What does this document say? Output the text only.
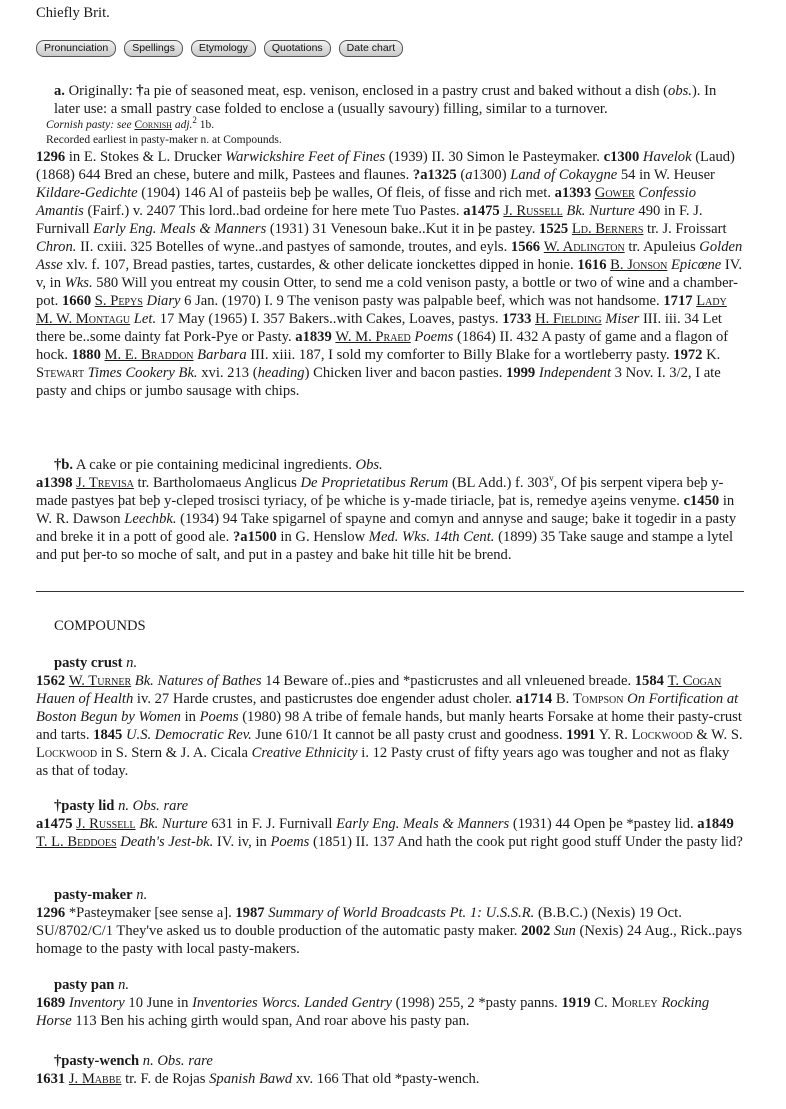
Chiefly Brit.
Pronunciation	Spellings	Etymology	Quotations	Date chart
a. Originally: †a pie of seasoned meat, esp. venison, enclosed in a pastry crust and baked without a dish (obs.). In later use: a small pastry case folded to enclose a (usually savoury) filling, similar to a turnover.
Cornish pasty: see Cornish adj.$^2$ 1b.
Recorded earliest in pasty-maker n. at Compounds.
1296 in E. Stokes & L. Drucker Warwickshire Feet of Fines (1939) II. 30 Simon le Pasteymaker. c1300 Havelok (Laud) (1868) 644 Bred an chese, butere and milk, Pastees and flaunes. ?a1325 (a1300) Land of Cokaygne 54 in W. Heuser Kildare-Gedichte (1904) 146 Al of pasteiis beþ þe walles, Of fleis, of fisse and rich met. a1393 Gower Confessio Amantis (Fairf.) v. 2407 This lord..bad ordeine for here mete Tuo Pastes. a1475 J. Russell Bk. Nurture 490 in F. J. Furnivall Early Eng. Meals & Manners (1931) 31 Venesoun bake..Kut it in þe pastey. 1525 Ld. Berners tr. J. Froissart Chron. II. cxiii. 325 Botelles of wyne..and pastyes of samonde, troutes, and eyls. 1566 W. Adlington tr. Apuleius Golden Asse xlv. f. 107, Bread pasties, tartes, custardes, & other delicate ionckettes dipped in honie. 1616 B. Jonson Epicœne IV. v, in Wks. 580 Will you entreat my cousin Otter, to send me a cold venison pasty, a bottle or two of wine and a chamber-pot. 1660 S. Pepys Diary 6 Jan. (1970) I. 9 The venison pasty was palpable beef, which was not handsome. 1717 Lady M. W. Montagu Let. 17 May (1965) I. 357 Bakers..with Cakes, Loaves, pastys. 1733 H. Fielding Miser III. iii. 34 Let there be..some dainty fat Pork-Pye or Pasty. a1839 W. M. Praed Poems (1864) II. 432 A pasty of game and a flagon of hock. 1880 M. E. Braddon Barbara III. xiii. 187, I sold my comforter to Billy Blake for a wortleberry pasty. 1972 K. Stewart Times Cookery Bk. xvi. 213 (heading) Chicken liver and bacon pasties. 1999 Independent 3 Nov. I. 3/2, I ate pasty and chips or jumbo sausage with chips.
†b. A cake or pie containing medicinal ingredients. Obs.
a1398 J. Trevisa tr. Bartholomaeus Anglicus De Proprietatibus Rerum (BL Add.) f. 303$^v$, Of þis serpent vipera beþ y-made pastyes þat beþ y-cleped trosisci tyriacy, of þe whiche is y-made tiriacle, þat is, remedye aȝeins venyme. c1450 in W. R. Dawson Leechbk. (1934) 94 Take spigarnel of spayne and comyn and annyse and sauge; bake it togedir in a pasty and breke it in a pott of good ale. ?a1500 in G. Henslow Med. Wks. 14th Cent. (1899) 35 Take sauge and stampe a lytel and put þer-to so moche of salt, and put in a pastey and bake hit tille hit be brend.
COMPOUNDS
pasty crust n.
1562 W. Turner Bk. Natures of Bathes 14 Beware of..pies and *pasticrustes and all vnleuened breade. 1584 T. Cogan Hauen of Health iv. 27 Harde crustes, and pasticrustes doe engender adust choler. a1714 B. Tompson On Fortification at Boston Begun by Women in Poems (1980) 98 A tribe of female hands, but manly hearts Forsake at home their pasty-crust and tarts. 1845 U.S. Democratic Rev. June 610/1 It cannot be all pasty crust and goodness. 1991 Y. R. Lockwood & W. S. Lockwood in S. Stern & J. A. Cicala Creative Ethnicity i. 12 Pasty crust of fifty years ago was tougher and not as flaky as that of today.
†pasty lid n. Obs. rare
a1475 J. Russell Bk. Nurture 631 in F. J. Furnivall Early Eng. Meals & Manners (1931) 44 Open þe *pastey lid. a1849 T. L. Beddoes Death's Jest-bk. IV. iv, in Poems (1851) II. 137 And hath the cook put right good stuff Under the pasty lid?
pasty-maker n.
1296 *Pasteymaker [see sense a]. 1987 Summary of World Broadcasts Pt. 1: U.S.S.R. (B.B.C.) (Nexis) 19 Oct. SU/8702/C/1 They've asked us to double production of the automatic pasty maker. 2002 Sun (Nexis) 24 Aug., Rick..pays homage to the pasty with local pasty-makers.
pasty pan n.
1689 Inventory 10 June in Inventories Worcs. Landed Gentry (1998) 255, 2 *pasty panns. 1919 C. Morley Rocking Horse 113 Ben his aching girth would span, And roar above his pasty pan.
†pasty-wench n. Obs. rare
1631 J. Mabbe tr. F. de Rojas Spanish Bawd xv. 166 That old *pasty-wench.
